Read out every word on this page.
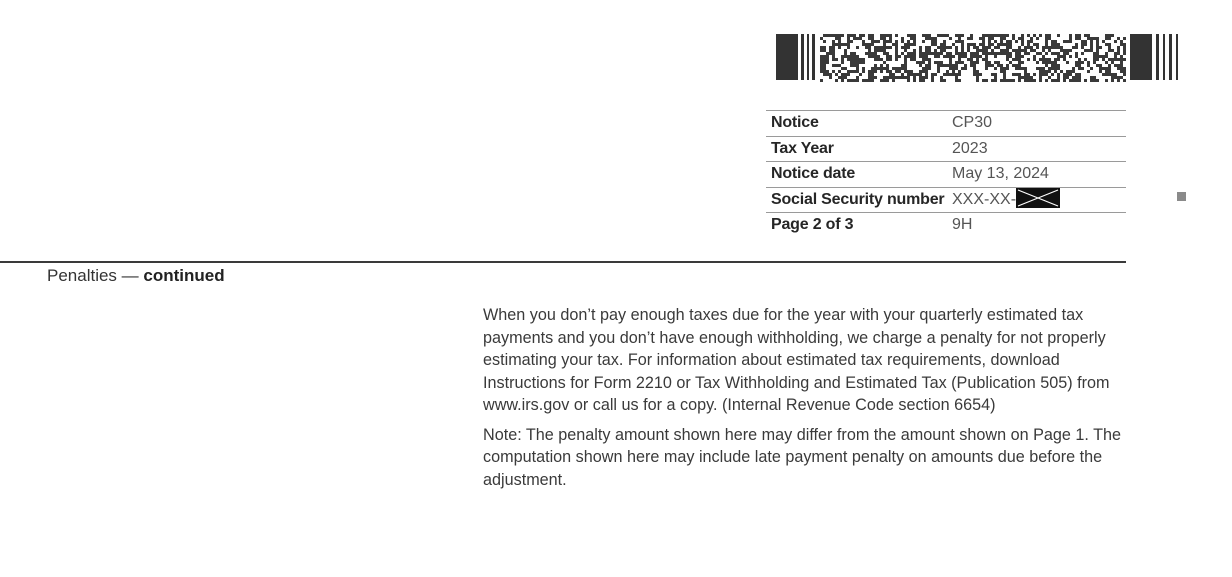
Notice	CP30
Tax Year	2023
Notice date	May 13, 2024
Social Security number XXX-XX-
Page 2 of 3	9H
Penalties — continued

When you don’t pay enough taxes due for the year with your quarterly estimated tax payments and you don’t have enough withholding, we charge a penalty for not properly estimating your tax. For information about estimated tax requirements, download Instructions for Form 2210 or Tax Withholding and Estimated Tax (Publication 505) from www.irs.gov or call us for a copy. (Internal Revenue Code section 6654)

Note: The penalty amount shown here may differ from the amount shown on Page 1. The computation shown here may include late payment penalty on amounts due before the adjustment.
